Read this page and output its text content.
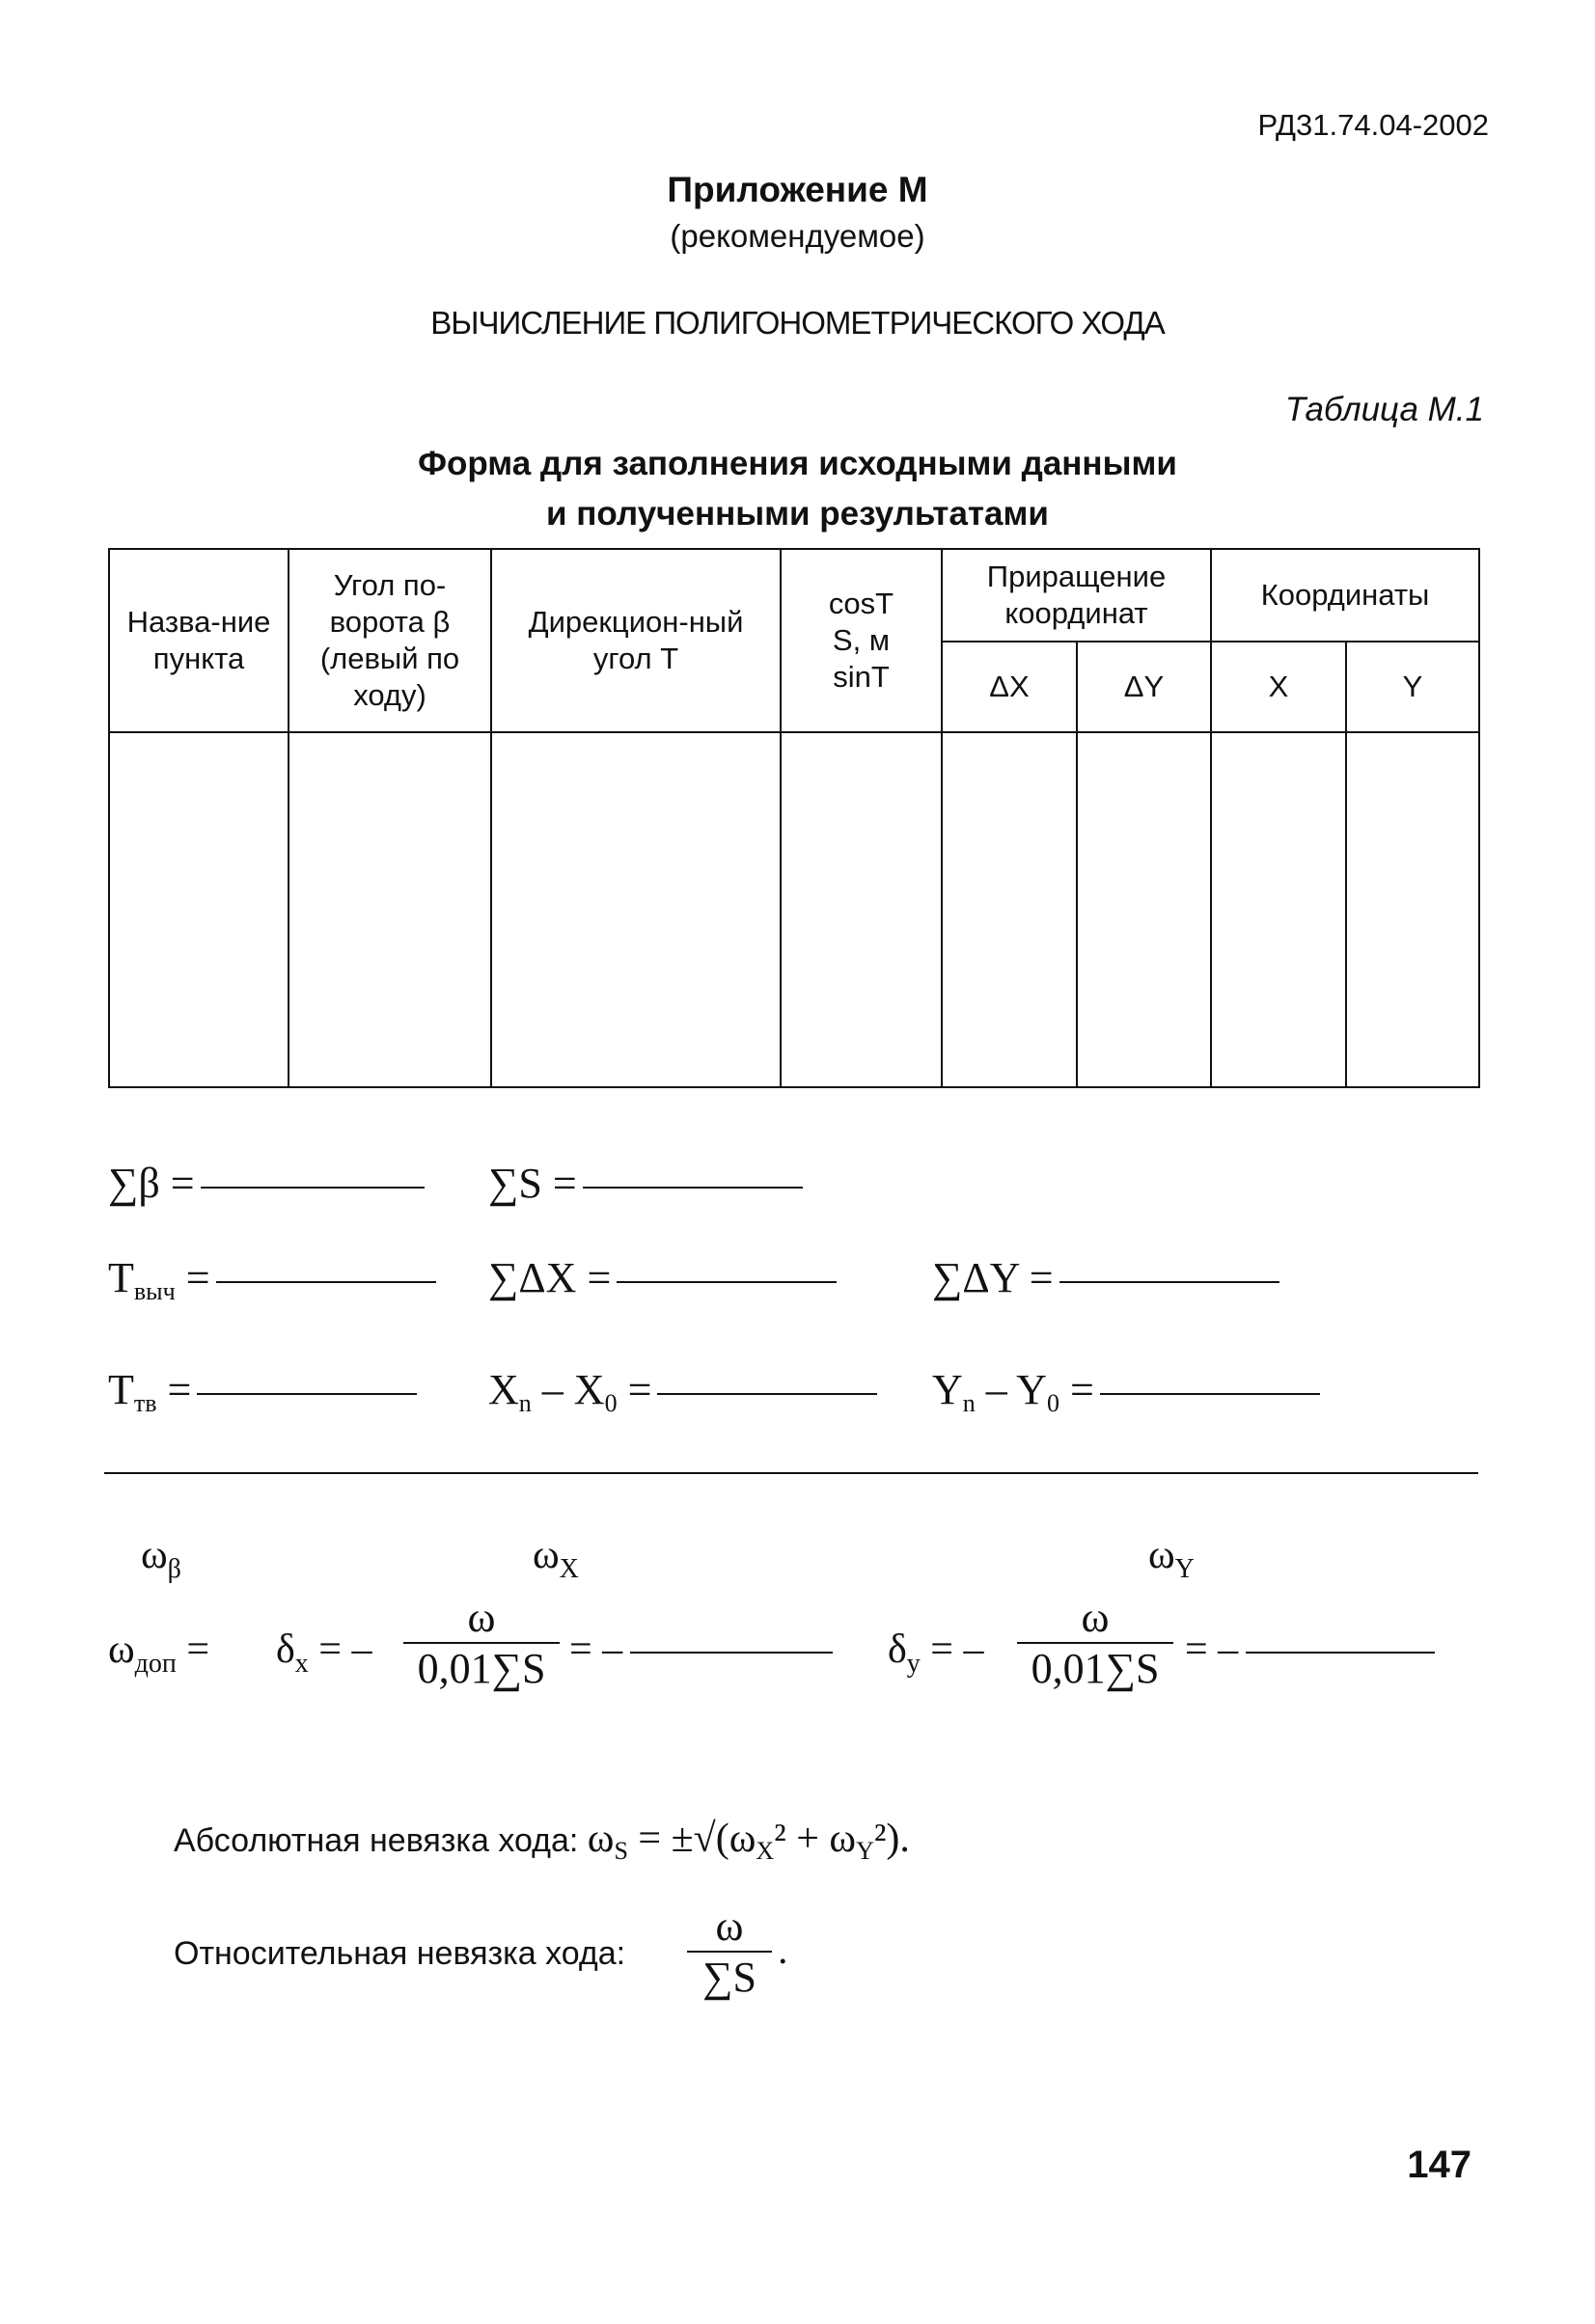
РД31.74.04-2002
Приложение М
(рекомендуемое)
ВЫЧИСЛЕНИЕ ПОЛИГОНОМЕТРИЧЕСКОГО ХОДА
Таблица М.1
Форма для заполнения исходными данными
и полученными результатами
Назва-ние пункта	Угол по-ворота β (левый по ходу)	Дирекцион-ный угол T	cosT
S, м
sinT	Приращение координат		Координаты	
				ΔX	ΔY	X	Y

∑β =	∑S =
$T_{выч}$ =	∑ΔX =	∑ΔY =
$T_{тв}$ =	$X_n - X_0$ =	$Y_n - Y_0$ =
$\omega_\beta$	$\omega_X$	$\omega_Y$
$\omega_{доп} = \delta_x$ = –
ω
0,01∑S = –	$\delta_y$ = –
ω
0,01∑S = –
Абсолютная невязка хода: $\omega_S = \pm√(\omega_X^2 + \omega_Y^2)$.
Относительная невязка хода:
ω
∑S
.
147
